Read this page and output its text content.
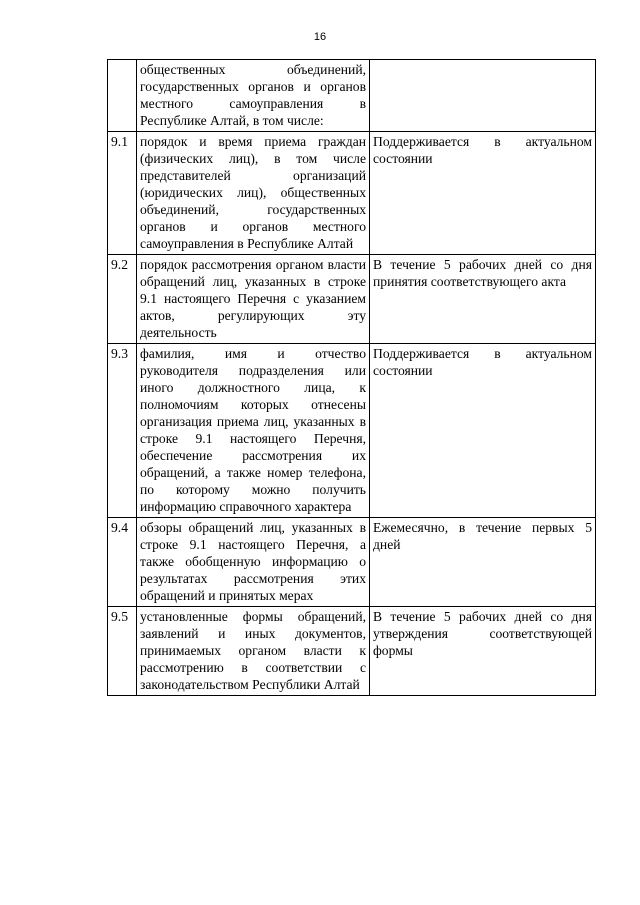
16
	общественных объединений, государственных органов и органов местного самоуправления в Республике Алтай, в том числе:	
9.1	порядок и время приема граждан (физических лиц), в том числе представителей организаций (юридических лиц), общественных объединений, государственных органов и органов местного самоуправления в Республике Алтай	Поддерживается в актуальном состоянии
9.2	порядок рассмотрения органом власти обращений лиц, указанных в строке 9.1 настоящего Перечня с указанием актов, регулирующих эту деятельность	В течение 5 рабочих дней со дня принятия соответствующего акта
9.3	фамилия, имя и отчество руководителя подразделения или иного должностного лица, к полномочиям которых отнесены организация приема лиц, указанных в строке 9.1 настоящего Перечня, обеспечение рассмотрения их обращений, а также номер телефона, по которому можно получить информацию справочного характера	Поддерживается в актуальном состоянии
9.4	обзоры обращений лиц, указанных в строке 9.1 настоящего Перечня, а также обобщенную информацию о результатах рассмотрения этих обращений и принятых мерах	Ежемесячно, в течение первых 5 дней
9.5	установленные формы обращений, заявлений и иных документов, принимаемых органом власти к рассмотрению в соответствии с законодательством Республики Алтай	В течение 5 рабочих дней со дня утверждения соответствующей формы
